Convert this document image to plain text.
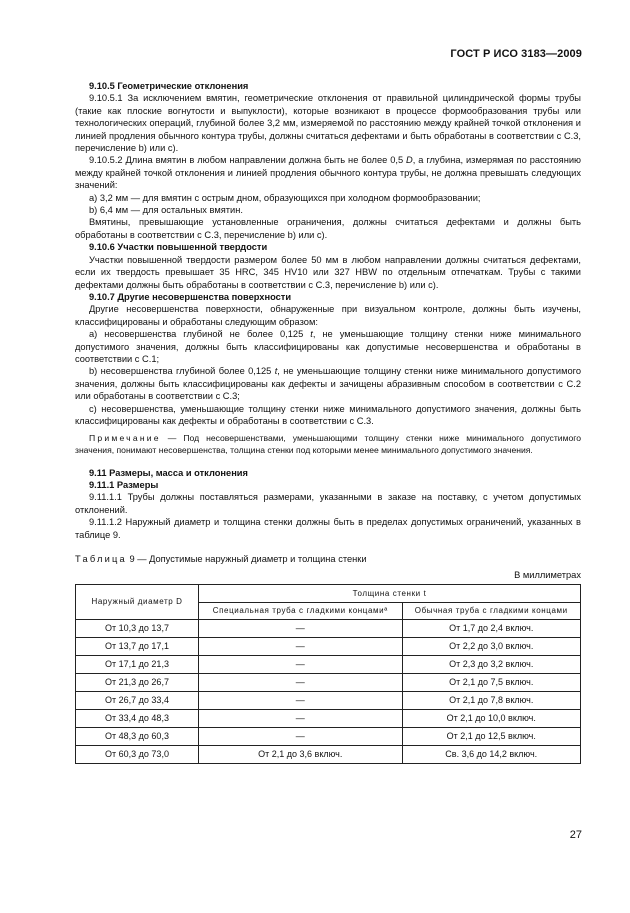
ГОСТ Р ИСО 3183—2009

9.10.5 Геометрические отклонения

9.10.5.1 За исключением вмятин, геометрические отклонения от правильной цилиндрической формы трубы (такие как плоские вогнутости и выпуклости), которые возникают в процессе формообразования трубы или технологических операций, глубиной более 3,2 мм, измеряемой по расстоянию между крайней точкой отклонения и линией продления обычного контура трубы, должны считаться дефектами и быть обработаны в соответствии с С.3, перечисление b) или с).

9.10.5.2 Длина вмятин в любом направлении должна быть не более 0,5 D, а глубина, измерямая по расстоянию между крайней точкой отклонения и линией продления обычного контура трубы, не должна превышать следующих значений:

а) 3,2 мм — для вмятин с острым дном, образующихся при холодном формообразовании;

b) 6,4 мм — для остальных вмятин.

Вмятины, превышающие установленные ограничения, должны считаться дефектами и должны быть обработаны в соответствии с С.3, перечисление b) или с).

9.10.6 Участки повышенной твердости

Участки повышенной твердости размером более 50 мм в любом направлении должны считаться дефектами, если их твердость превышает 35 HRC, 345 HV10 или 327 HBW по отдельным отпечаткам. Трубы с такими дефектами должны быть обработаны в соответствии с С.3, перечисление b) или с).

9.10.7 Другие несовершенства поверхности

Другие несовершенства поверхности, обнаруженные при визуальном контроле, должны быть изучены, классифицированы и обработаны следующим образом:

а) несовершенства глубиной не более 0,125 t, не уменьшающие толщину стенки ниже минимального допустимого значения, должны быть классифицированы как допустимые несовершенства и обработаны в соответствии с С.1;

b) несовершенства глубиной более 0,125 t, не уменьшающие толщину стенки ниже минимального допустимого значения, должны быть классифицированы как дефекты и зачищены абразивным способом в соответствии с С.2 или обработаны в соответствии с С.3;

с) несовершенства, уменьшающие толщину стенки ниже минимального допустимого значения, должны быть классифицированы как дефекты и обработаны в соответствии с С.3.

Примечание — Под несовершенствами, уменьшающими толщину стенки ниже минимального допустимого значения, понимают несовершенства, толщина стенки под которыми менее минимального допустимого значения.

9.11 Размеры, масса и отклонения

9.11.1 Размеры

9.11.1.1 Трубы должны поставляться размерами, указанными в заказе на поставку, с учетом допустимых отклонений.

9.11.1.2 Наружный диаметр и толщина стенки должны быть в пределах допустимых ограничений, указанных в таблице 9.

Таблица 9 — Допустимые наружный диаметр и толщина стенки

В миллиметрах

Наружный диаметр D	Толщина стенки t	
	Специальная труба с гладкими концамиª	Обычная труба с гладкими концами
От 10,3 до 13,7	—	От 1,7 до 2,4 включ.
От 13,7 до 17,1	—	От 2,2 до 3,0 включ.
От 17,1 до 21,3	—	От 2,3 до 3,2 включ.
От 21,3 до 26,7	—	От 2,1 до 7,5 включ.
От 26,7 до 33,4	—	От 2,1 до 7,8 включ.
От 33,4 до 48,3	—	От 2,1 до 10,0 включ.
От 48,3 до 60,3	—	От 2,1 до 12,5 включ.
От 60,3 до 73,0	От 2,1 до 3,6 включ.	Св. 3,6 до 14,2 включ.
27
